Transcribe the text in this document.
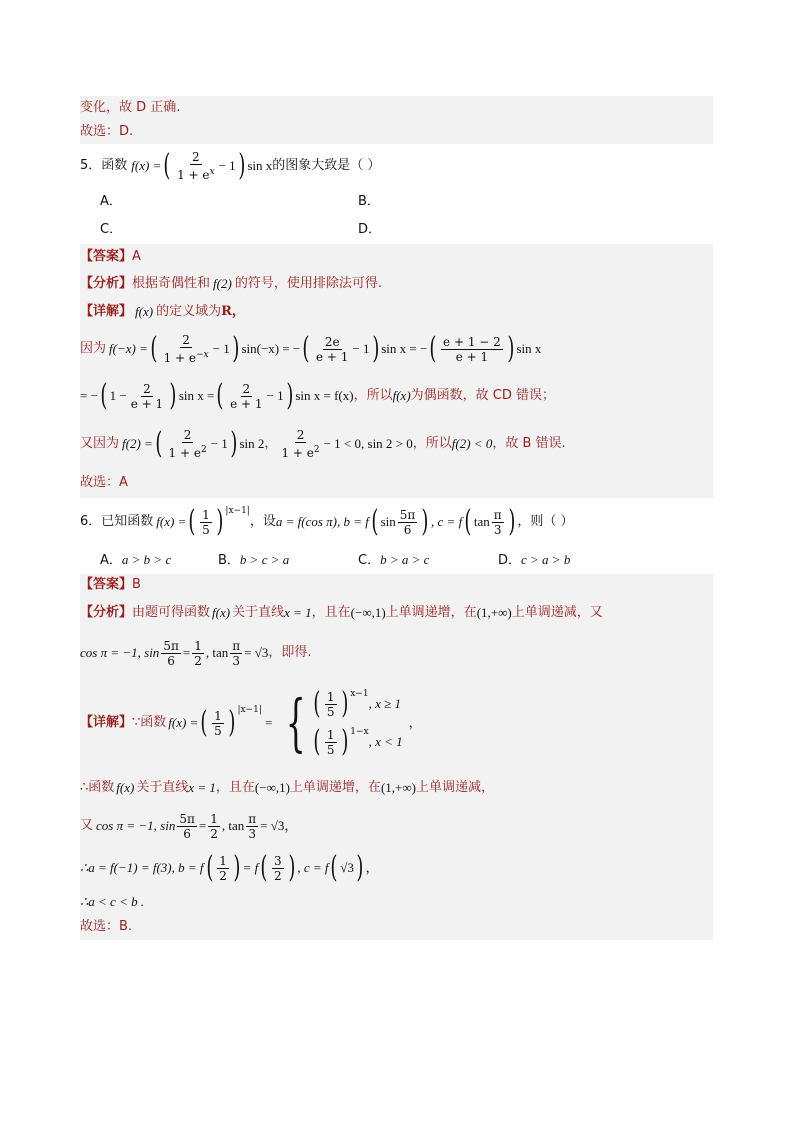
变化，故 D 正确.
故选：D.
5．函数 f(x) = ( $\frac{2}{1 + e^x} - 1$ ) sin x 的图象大致是（ ）
A．	B．
C．	D．
【答案】A
【分析】 根据奇偶性和 f(2) 的符号，使用排除法可得.
【详解】 f(x) 的定义域为 R，
因为 f(−x) = ( $\frac{2}{1 + e^{-x}} - 1$ ) sin(−x) = − ( $\frac{2e}{e + 1} - 1$ ) sin x = − ( $\frac{e + 1 - 2}{e + 1}$ ) sin x
= − ( $1 - \frac{2}{e + 1}$ ) sin x = ( $\frac{2}{e + 1} - 1$ ) sin x = f(x) ，所以 f(x) 为偶函数，故 CD 错误；
又因为 f(2) = ( $\frac{2}{1 + e^2} - 1$ ) sin 2 ， $\frac{2}{1 + e^2} - 1 < 0$, sin 2 > 0 ，所以 f(2) < 0 ，故 B 错误.
故选：A
6．已知函数 f(x) = ( $\frac{1}{5}$ ) |x−1|
，设 a = f(cos π), b = f ( $\sin \frac{5\pi}{6}$ ) , c = f ( $\tan \frac{\pi}{3}$ ) ，则（ ）
A．a > b > c	B．b > c > a	C．b > a > c	D．c > a > b
【答案】B
【分析】 由题可得函数 f(x) 关于直线 x = 1 ，且在 (−∞,1) 上单调递增，在 (1,+∞) 上单调递减，又
cos π = −1, $\sin \frac{5\pi}{6} = \frac{1}{2}$ , $\tan \frac{\pi}{3} = √3$ ，即得.
【详解】 ∵函数 f(x) = ( $\frac{1}{5}$ ) |x−1|
= { ( $\frac{1}{5}$ ) x−1
, x ≥ 1
( $\frac{1}{5}$ ) 1−x
, x < 1
，
∴函数 f(x) 关于直线 x = 1 ，且在 (−∞,1) 上单调递增，在 (1,+∞) 上单调递减，
又 cos π = −1, $\sin \frac{5\pi}{6} = \frac{1}{2}$ , $\tan \frac{\pi}{3} = √3$ ，
∴a = f(−1) = f(3), b = f ( $\frac{1}{2}$ ) = f ( $\frac{3}{2}$ ) , c = f ( √3 ) ，
∴a < c < b .
故选：B.
